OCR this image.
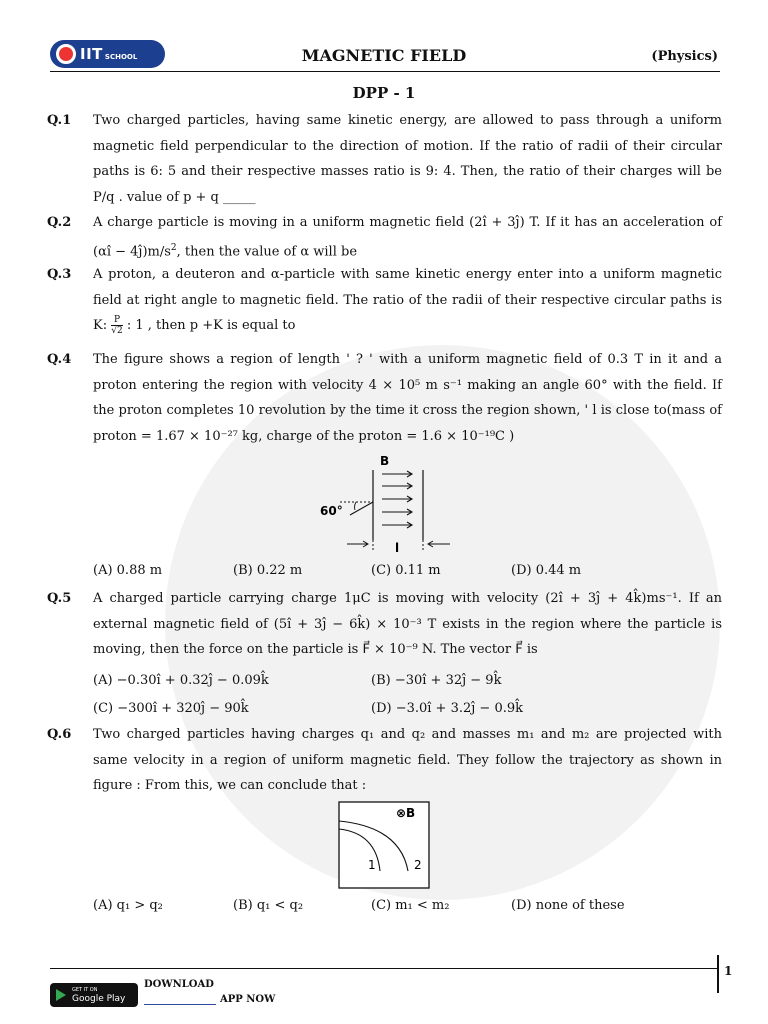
IIT SCHOOL	MAGNETIC FIELD	(Physics)
DPP - 1
Q.1 Two charged particles, having same kinetic energy, are allowed to pass through a uniform magnetic field perpendicular to the direction of motion. If the ratio of radii of their circular paths is 6: 5 and their respective masses ratio is 9: 4. Then, the ratio of their charges will be P/q . value of p + q _____
Q.2 A charge particle is moving in a uniform magnetic field (2î + 3ĵ) T. If it has an acceleration of (αî − $4ĵ)m/s^2$, then the value of α will be
Q.3 A proton, a deuteron and α-particle with same kinetic energy enter into a uniform magnetic field at right angle to magnetic field. The ratio of the radii of their respective circular paths is K: $\frac{P}{√2}$ : 1 , then p +K is equal to
Q.4 The figure shows a region of length ' ? ' with a uniform magnetic field of 0.3 T in it and a proton entering the region with velocity 4 × 10⁵ m s⁻¹ making an angle 60° with the field. If the proton completes 10 revolution by the time it cross the region shown, ' l is close to(mass of proton = 1.67 × 10⁻²⁷ kg, charge of the proton = 1.6 × 10⁻¹⁹C )
B
60°
l
(A) 0.88 m	(B) 0.22 m	(C) 0.11 m	(D) 0.44 m
Q.5 A charged particle carrying charge 1μC is moving with velocity (2î + 3ĵ + 4k̂)ms⁻¹. If an external magnetic field of (5î + 3ĵ − 6k̂) × 10⁻³ T exists in the region where the particle is moving, then the force on the particle is F⃗ × 10⁻⁹ N. The vector F⃗ is
(A) −0.30î + 0.32ĵ − 0.09k̂	(B) −30î + 32ĵ − 9k̂
(C) −300î + 320ĵ − 90k̂	(D) −3.0î + 3.2ĵ − 0.9k̂
Q.6 Two charged particles having charges q₁ and q₂ and masses m₁ and m₂ are projected with same velocity in a region of uniform magnetic field. They follow the trajectory as shown in figure : From this, we can conclude that :
⊗B
1	2
(A) q₁ > q₂	(B) q₁ < q₂	(C) m₁ < m₂	(D) none of these
1
GET IT ON
Google Play
DOWNLOAD
APP NOW
